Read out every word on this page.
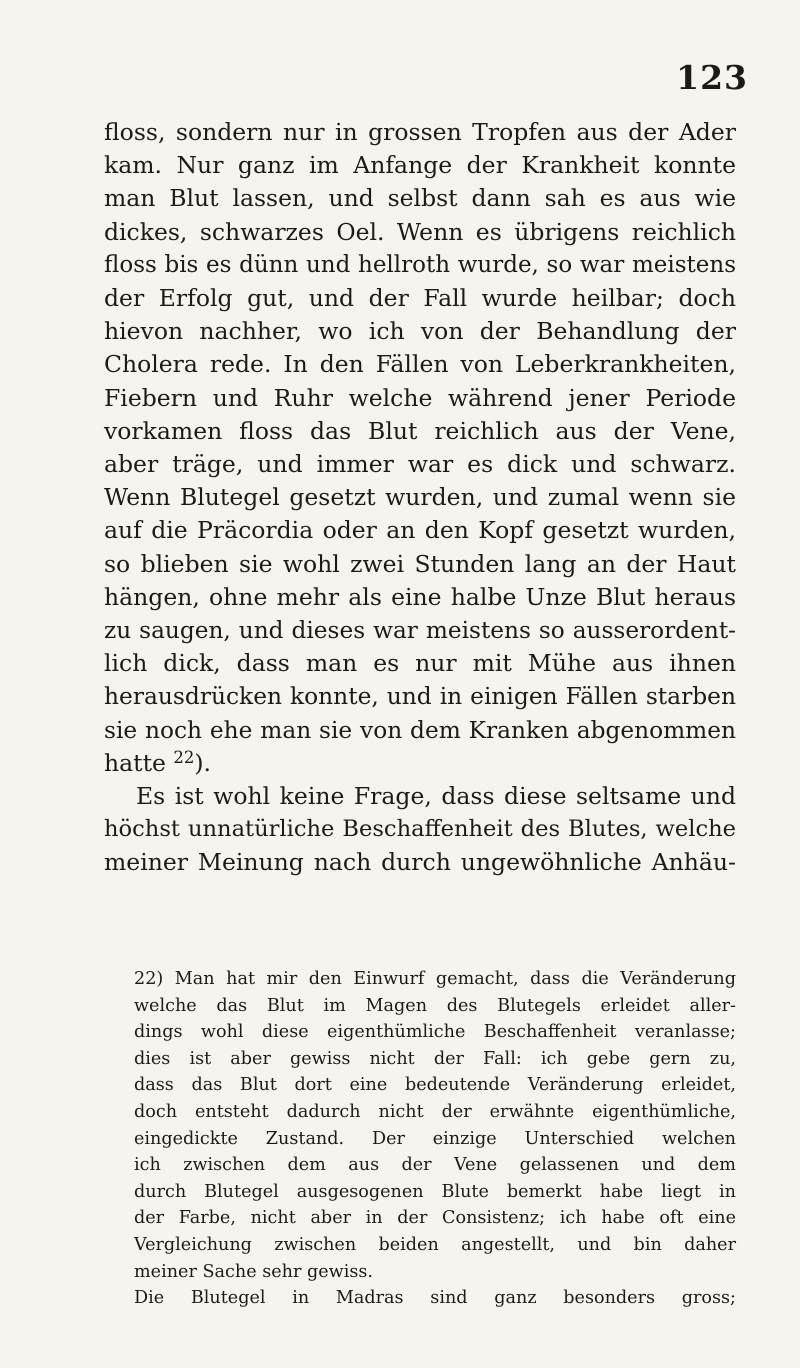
123

floss, sondern nur in grossen Tropfen aus der Ader
kam. Nur ganz im Anfange der Krankheit konnte
man Blut lassen, und selbst dann sah es aus wie
dickes, schwarzes Oel. Wenn es übrigens reichlich
floss bis es dünn und hellroth wurde, so war meistens
der Erfolg gut, und der Fall wurde heilbar; doch
hievon nachher, wo ich von der Behandlung der
Cholera rede. In den Fällen von Leberkrankheiten,
Fiebern und Ruhr welche während jener Periode
vorkamen floss das Blut reichlich aus der Vene,
aber träge, und immer war es dick und schwarz.
Wenn Blutegel gesetzt wurden, und zumal wenn sie
auf die Präcordia oder an den Kopf gesetzt wurden,
so blieben sie wohl zwei Stunden lang an der Haut
hängen, ohne mehr als eine halbe Unze Blut heraus
zu saugen, und dieses war meistens so ausserordent-
lich dick, dass man es nur mit Mühe aus ihnen
herausdrücken konnte, und in einigen Fällen starben
sie noch ehe man sie von dem Kranken abgenommen
hatte $^{22}$).
Es ist wohl keine Frage, dass diese seltsame und
höchst unnatürliche Beschaffenheit des Blutes, welche
meiner Meinung nach durch ungewöhnliche Anhäu-
22) Man hat mir den Einwurf gemacht, dass die Veränderung
welche das Blut im Magen des Blutegels erleidet aller-
dings wohl diese eigenthümliche Beschaffenheit veranlasse;
dies ist aber gewiss nicht der Fall: ich gebe gern zu,
dass das Blut dort eine bedeutende Veränderung erleidet,
doch entsteht dadurch nicht der erwähnte eigenthümliche,
eingedickte Zustand. Der einzige Unterschied welchen
ich zwischen dem aus der Vene gelassenen und dem
durch Blutegel ausgesogenen Blute bemerkt habe liegt in
der Farbe, nicht aber in der Consistenz; ich habe oft eine
Vergleichung zwischen beiden angestellt, und bin daher
meiner Sache sehr gewiss.
Die Blutegel in Madras sind ganz besonders gross;
